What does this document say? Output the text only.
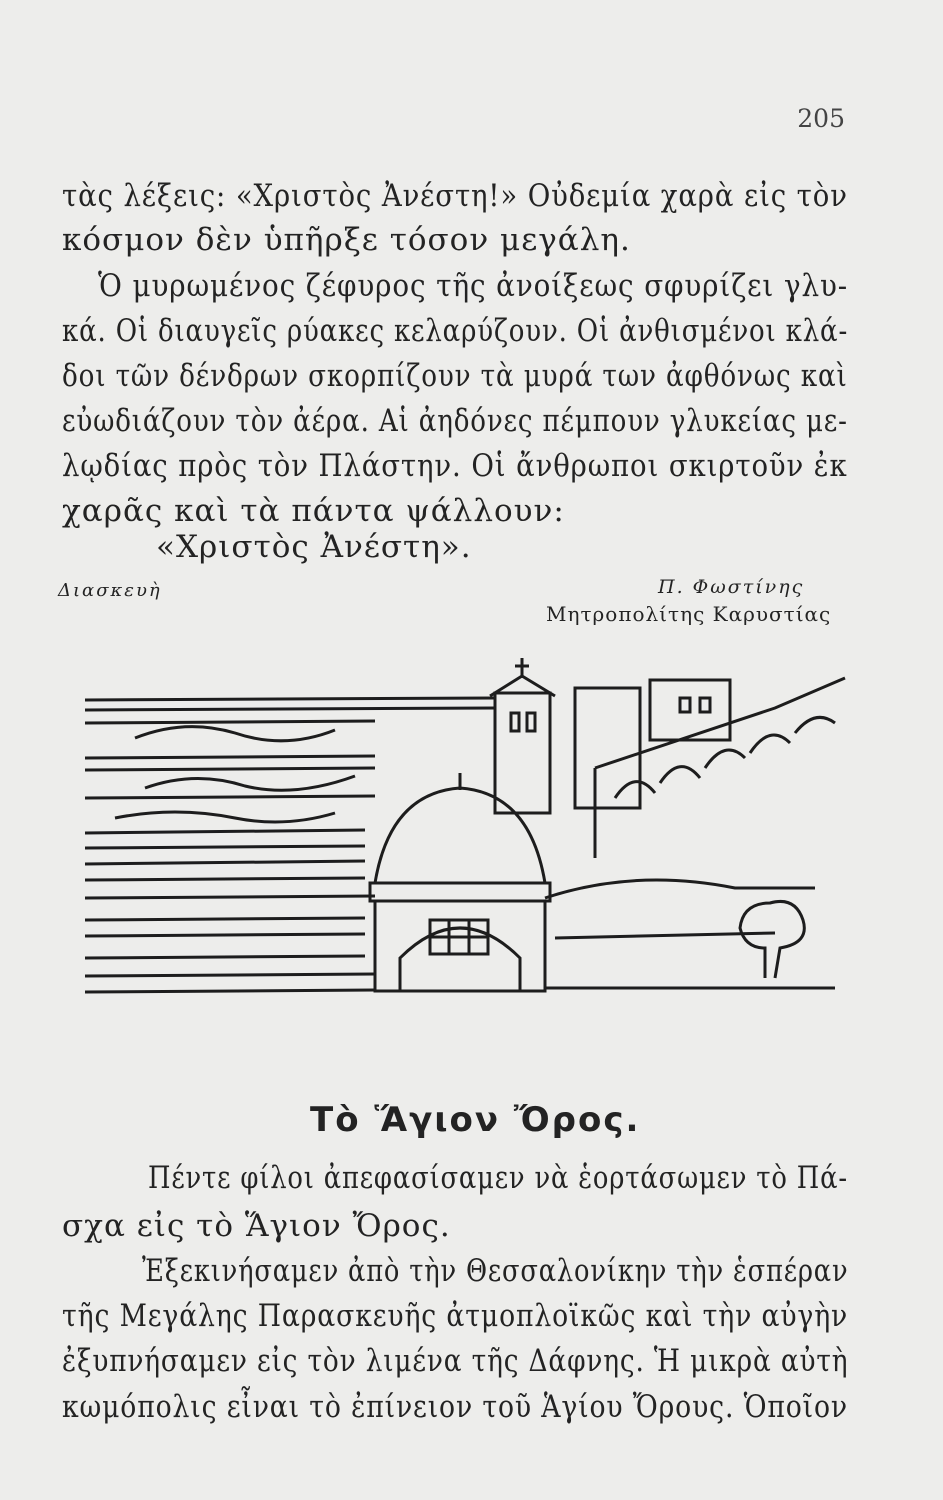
205
τὰς λέξεις: «Χριστὸς Ἀνέστη!» Οὐδεμία χαρὰ εἰς τὸν
κόσμον δὲν ὑπῆρξε τόσον μεγάλη.
Ὁ μυρωμένος ζέφυρος τῆς ἀνοίξεως σφυρίζει γλυ-
κά. Οἱ διαυγεῖς ρύακες κελαρύζουν. Οἱ ἀνθισμένοι κλά-
δοι τῶν δένδρων σκορπίζουν τὰ μυρά των ἀφθόνως καὶ
εὐωδιάζουν τὸν ἀέρα. Αἱ ἀηδόνες πέμπουν γλυκείας με-
λῳδίας πρὸς τὸν Πλάστην. Οἱ ἄνθρωποι σκιρτοῦν ἐκ
χαρᾶς καὶ τὰ πάντα ψάλλουν:
«Χριστὸς Ἀνέστη».
Διασκευὴ	Π. Φωστίνης
Μητροπολίτης Καρυστίας
Τὸ Ἅγιον Ὄρος.
Πέντε φίλοι ἀπεφασίσαμεν νὰ ἑορτάσωμεν τὸ Πά-
σχα εἰς τὸ Ἅγιον Ὄρος.
Ἐξεκινήσαμεν ἀπὸ τὴν Θεσσαλονίκην τὴν ἑσπέραν
τῆς Μεγάλης Παρασκευῆς ἀτμοπλοϊκῶς καὶ τὴν αὐγὴν
ἐξυπνήσαμεν εἰς τὸν λιμένα τῆς Δάφνης. Ἡ μικρὰ αὐτὴ
κωμόπολις εἶναι τὸ ἐπίνειον τοῦ Ἁγίου Ὄρους. Ὁποῖον
